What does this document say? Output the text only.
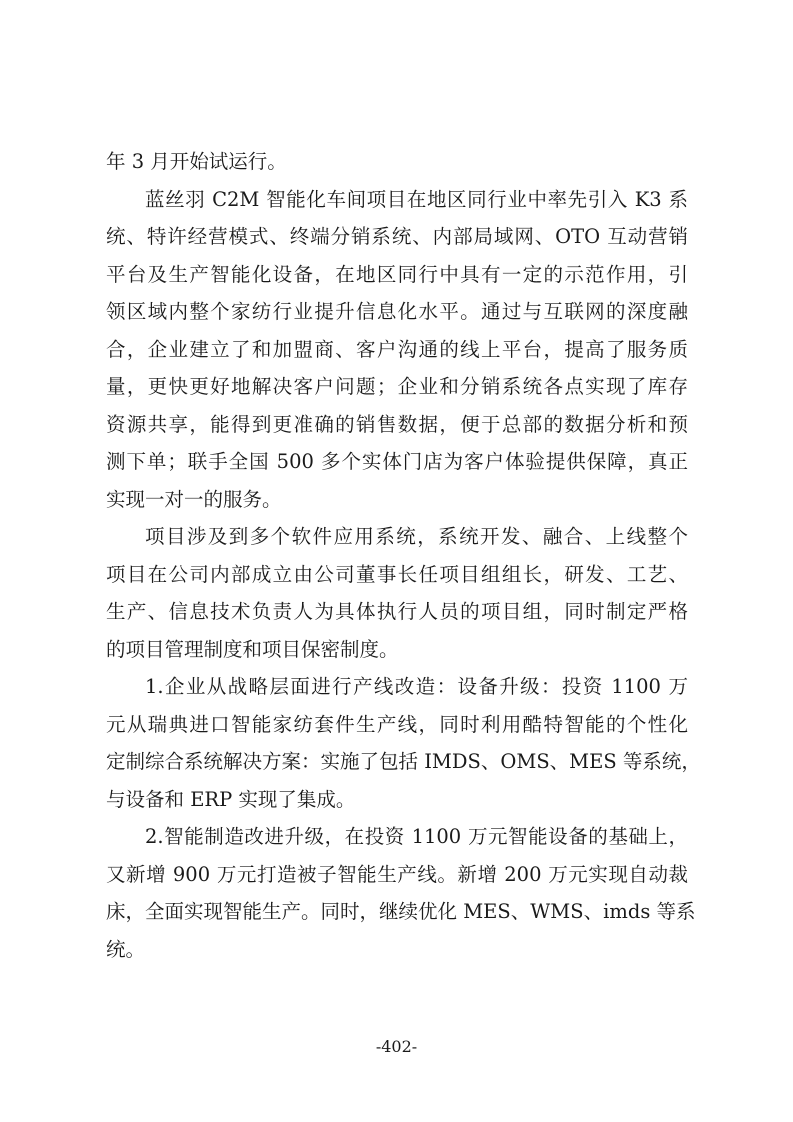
年 3 月开始试运行。
蓝丝羽 C2M 智能化车间项目在地区同行业中率先引入 K3 系
统、特许经营模式、终端分销系统、内部局域网、OTO 互动营销
平台及生产智能化设备，在地区同行中具有一定的示范作用，引
领区域内整个家纺行业提升信息化水平。通过与互联网的深度融
合，企业建立了和加盟商、客户沟通的线上平台，提高了服务质
量，更快更好地解决客户问题；企业和分销系统各点实现了库存
资源共享，能得到更准确的销售数据，便于总部的数据分析和预
测下单；联手全国 500 多个实体门店为客户体验提供保障，真正
实现一对一的服务。
项目涉及到多个软件应用系统，系统开发、融合、上线整个
项目在公司内部成立由公司董事长任项目组组长，研发、工艺、
生产、信息技术负责人为具体执行人员的项目组，同时制定严格
的项目管理制度和项目保密制度。
1.企业从战略层面进行产线改造：设备升级：投资 1100 万
元从瑞典进口智能家纺套件生产线，同时利用酷特智能的个性化
定制综合系统解决方案：实施了包括 IMDS、OMS、MES 等系统，
与设备和 ERP 实现了集成。
2.智能制造改进升级，在投资 1100 万元智能设备的基础上，
又新增 900 万元打造被子智能生产线。新增 200 万元实现自动裁
床，全面实现智能生产。同时，继续优化 MES、WMS、imds 等系
统。
-402-
